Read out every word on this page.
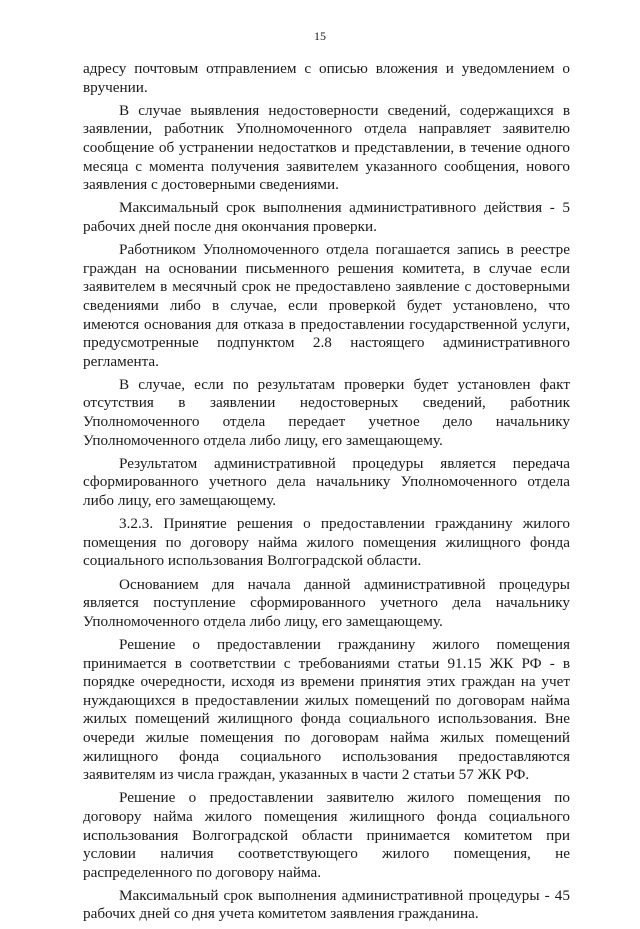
15

адресу почтовым отправлением с описью вложения и уведомлением о вручении.

В случае выявления недостоверности сведений, содержащихся в заявлении, работник Уполномоченного отдела направляет заявителю сообщение об устранении недостатков и представлении, в течение одного месяца с момента получения заявителем указанного сообщения, нового заявления с достоверными сведениями.

Максимальный срок выполнения административного действия - 5 рабочих дней после дня окончания проверки.

Работником Уполномоченного отдела погашается запись в реестре граждан на основании письменного решения комитета, в случае если заявителем в месячный срок не предоставлено заявление с достоверными сведениями либо в случае, если проверкой будет установлено, что имеются основания для отказа в предоставлении государственной услуги, предусмотренные подпунктом 2.8 настоящего административного регламента.

В случае, если по результатам проверки будет установлен факт отсутствия в заявлении недостоверных сведений, работник Уполномоченного отдела передает учетное дело начальнику Уполномоченного отдела либо лицу, его замещающему.

Результатом административной процедуры является передача сформированного учетного дела начальнику Уполномоченного отдела либо лицу, его замещающему.

3.2.3. Принятие решения о предоставлении гражданину жилого помещения по договору найма жилого помещения жилищного фонда социального использования Волгоградской области.

Основанием для начала данной административной процедуры является поступление сформированного учетного дела начальнику Уполномоченного отдела либо лицу, его замещающему.

Решение о предоставлении гражданину жилого помещения принимается в соответствии с требованиями статьи 91.15 ЖК РФ - в порядке очередности, исходя из времени принятия этих граждан на учет нуждающихся в предоставлении жилых помещений по договорам найма жилых помещений жилищного фонда социального использования. Вне очереди жилые помещения по договорам найма жилых помещений жилищного фонда социального использования предоставляются заявителям из числа граждан, указанных в части 2 статьи 57 ЖК РФ.

Решение о предоставлении заявителю жилого помещения по договору найма жилого помещения жилищного фонда социального использования Волгоградской области принимается комитетом при условии наличия соответствующего жилого помещения, не распределенного по договору найма.

Максимальный срок выполнения административной процедуры - 45 рабочих дней со дня учета комитетом заявления гражданина.
